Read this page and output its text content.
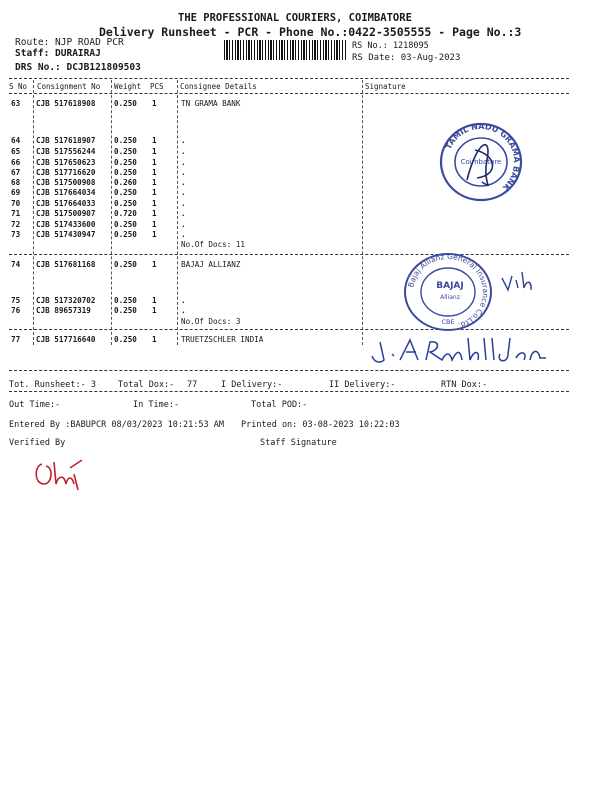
THE PROFESSIONAL COURIERS, COIMBATORE
Delivery Runsheet - PCR - Phone No.:0422-3505555 - Page No.:3
Route: NJP ROAD PCR
Staff: DURAIRAJ
DRS No.: DCJB121809503
RS No.: 1218095
RS Date: 03-Aug-2023
S No Consignment No Weight PCS Consignee Details	Signature
63 CJB 517618908 0.250 1	TN GRAMA BANK
64 CJB 517618907 0.250 1	.
65 CJB 517556244 0.250 1	.
66 CJB 517650623 0.250 1	.
67 CJB 517716620 0.250 1	.
68 CJB 517500908 0.260 1	.
69 CJB 517664034 0.250 1	.
70 CJB 517664033 0.250 1	.
71 CJB 517500907 0.720 1	.
72 CJB 517433600 0.250 1	.
73 CJB 517430947 0.250 1	.
No.Of Docs: 11
TAMIL NADU GRAMA BANK
Coimbatore
74 CJB 517681168 0.250 1	BAJAJ ALLIANZ
75 CJB 517320702 0.250 1	.
76 CJB 89657319	0.250 1	.
No.Of Docs: 3
Bajaj Allianz General Insurance Co.Ltd.
BAJAJ
Allianz
CBE
77 CJB 517716640 0.250 1	TRUETZSCHLER INDIA
Tot. Runsheet:- 3	Total Dox:- 77	I Delivery:-	II Delivery:-	RTN Dox:-
Out Time:-	In Time:-	Total POD:-
Entered By :BABUPCR 08/03/2023 10:21:53 AM Printed on: 03-08-2023 10:22:03
Verified By	Staff Signature
